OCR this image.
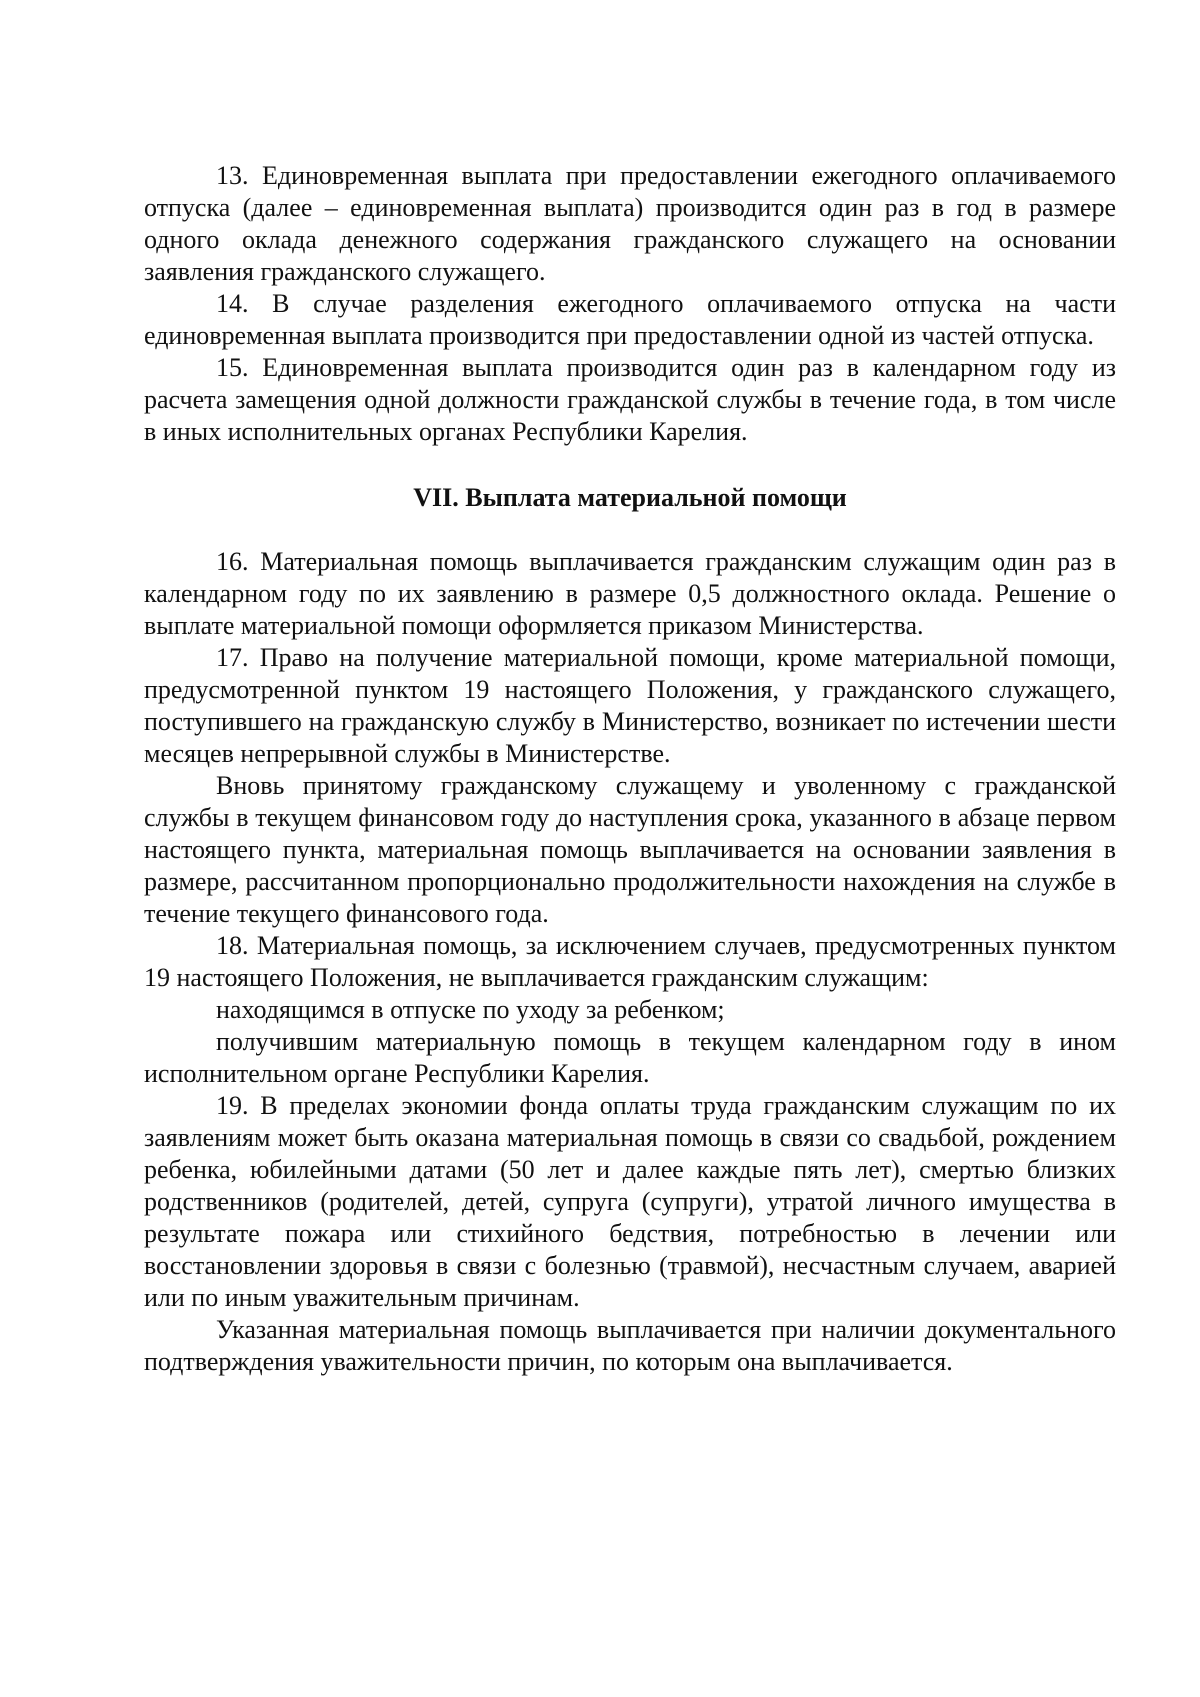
13. Единовременная выплата при предоставлении ежегодного оплачиваемого отпуска (далее – единовременная выплата) производится один раз в год в размере одного оклада денежного содержания гражданского служащего на основании заявления гражданского служащего.

14. В случае разделения ежегодного оплачиваемого отпуска на части единовременная выплата производится при предоставлении одной из частей отпуска.

15. Единовременная выплата производится один раз в календарном году из расчета замещения одной должности гражданской службы в течение года, в том числе в иных исполнительных органах Республики Карелия.

VII. Выплата материальной помощи

16. Материальная помощь выплачивается гражданским служащим один раз в календарном году по их заявлению в размере 0,5 должностного оклада. Решение о выплате материальной помощи оформляется приказом Министерства.

17. Право на получение материальной помощи, кроме материальной помощи, предусмотренной пунктом 19 настоящего Положения, у гражданского служащего, поступившего на гражданскую службу в Министерство, возникает по истечении шести месяцев непрерывной службы в Министерстве.

Вновь принятому гражданскому служащему и уволенному с гражданской службы в текущем финансовом году до наступления срока, указанного в абзаце первом настоящего пункта, материальная помощь выплачивается на основании заявления в размере, рассчитанном пропорционально продолжительности нахождения на службе в течение текущего финансового года.

18. Материальная помощь, за исключением случаев, предусмотренных пунктом 19 настоящего Положения, не выплачивается гражданским служащим:

находящимся в отпуске по уходу за ребенком;

получившим материальную помощь в текущем календарном году в ином исполнительном органе Республики Карелия.

19. В пределах экономии фонда оплаты труда гражданским служащим по их заявлениям может быть оказана материальная помощь в связи со свадьбой, рождением ребенка, юбилейными датами (50 лет и далее каждые пять лет), смертью близких родственников (родителей, детей, супруга (супруги), утратой личного имущества в результате пожара или стихийного бедствия, потребностью в лечении или восстановлении здоровья в связи с болезнью (травмой), несчастным случаем, аварией или по иным уважительным причинам.

Указанная материальная помощь выплачивается при наличии документального подтверждения уважительности причин, по которым она выплачивается.
